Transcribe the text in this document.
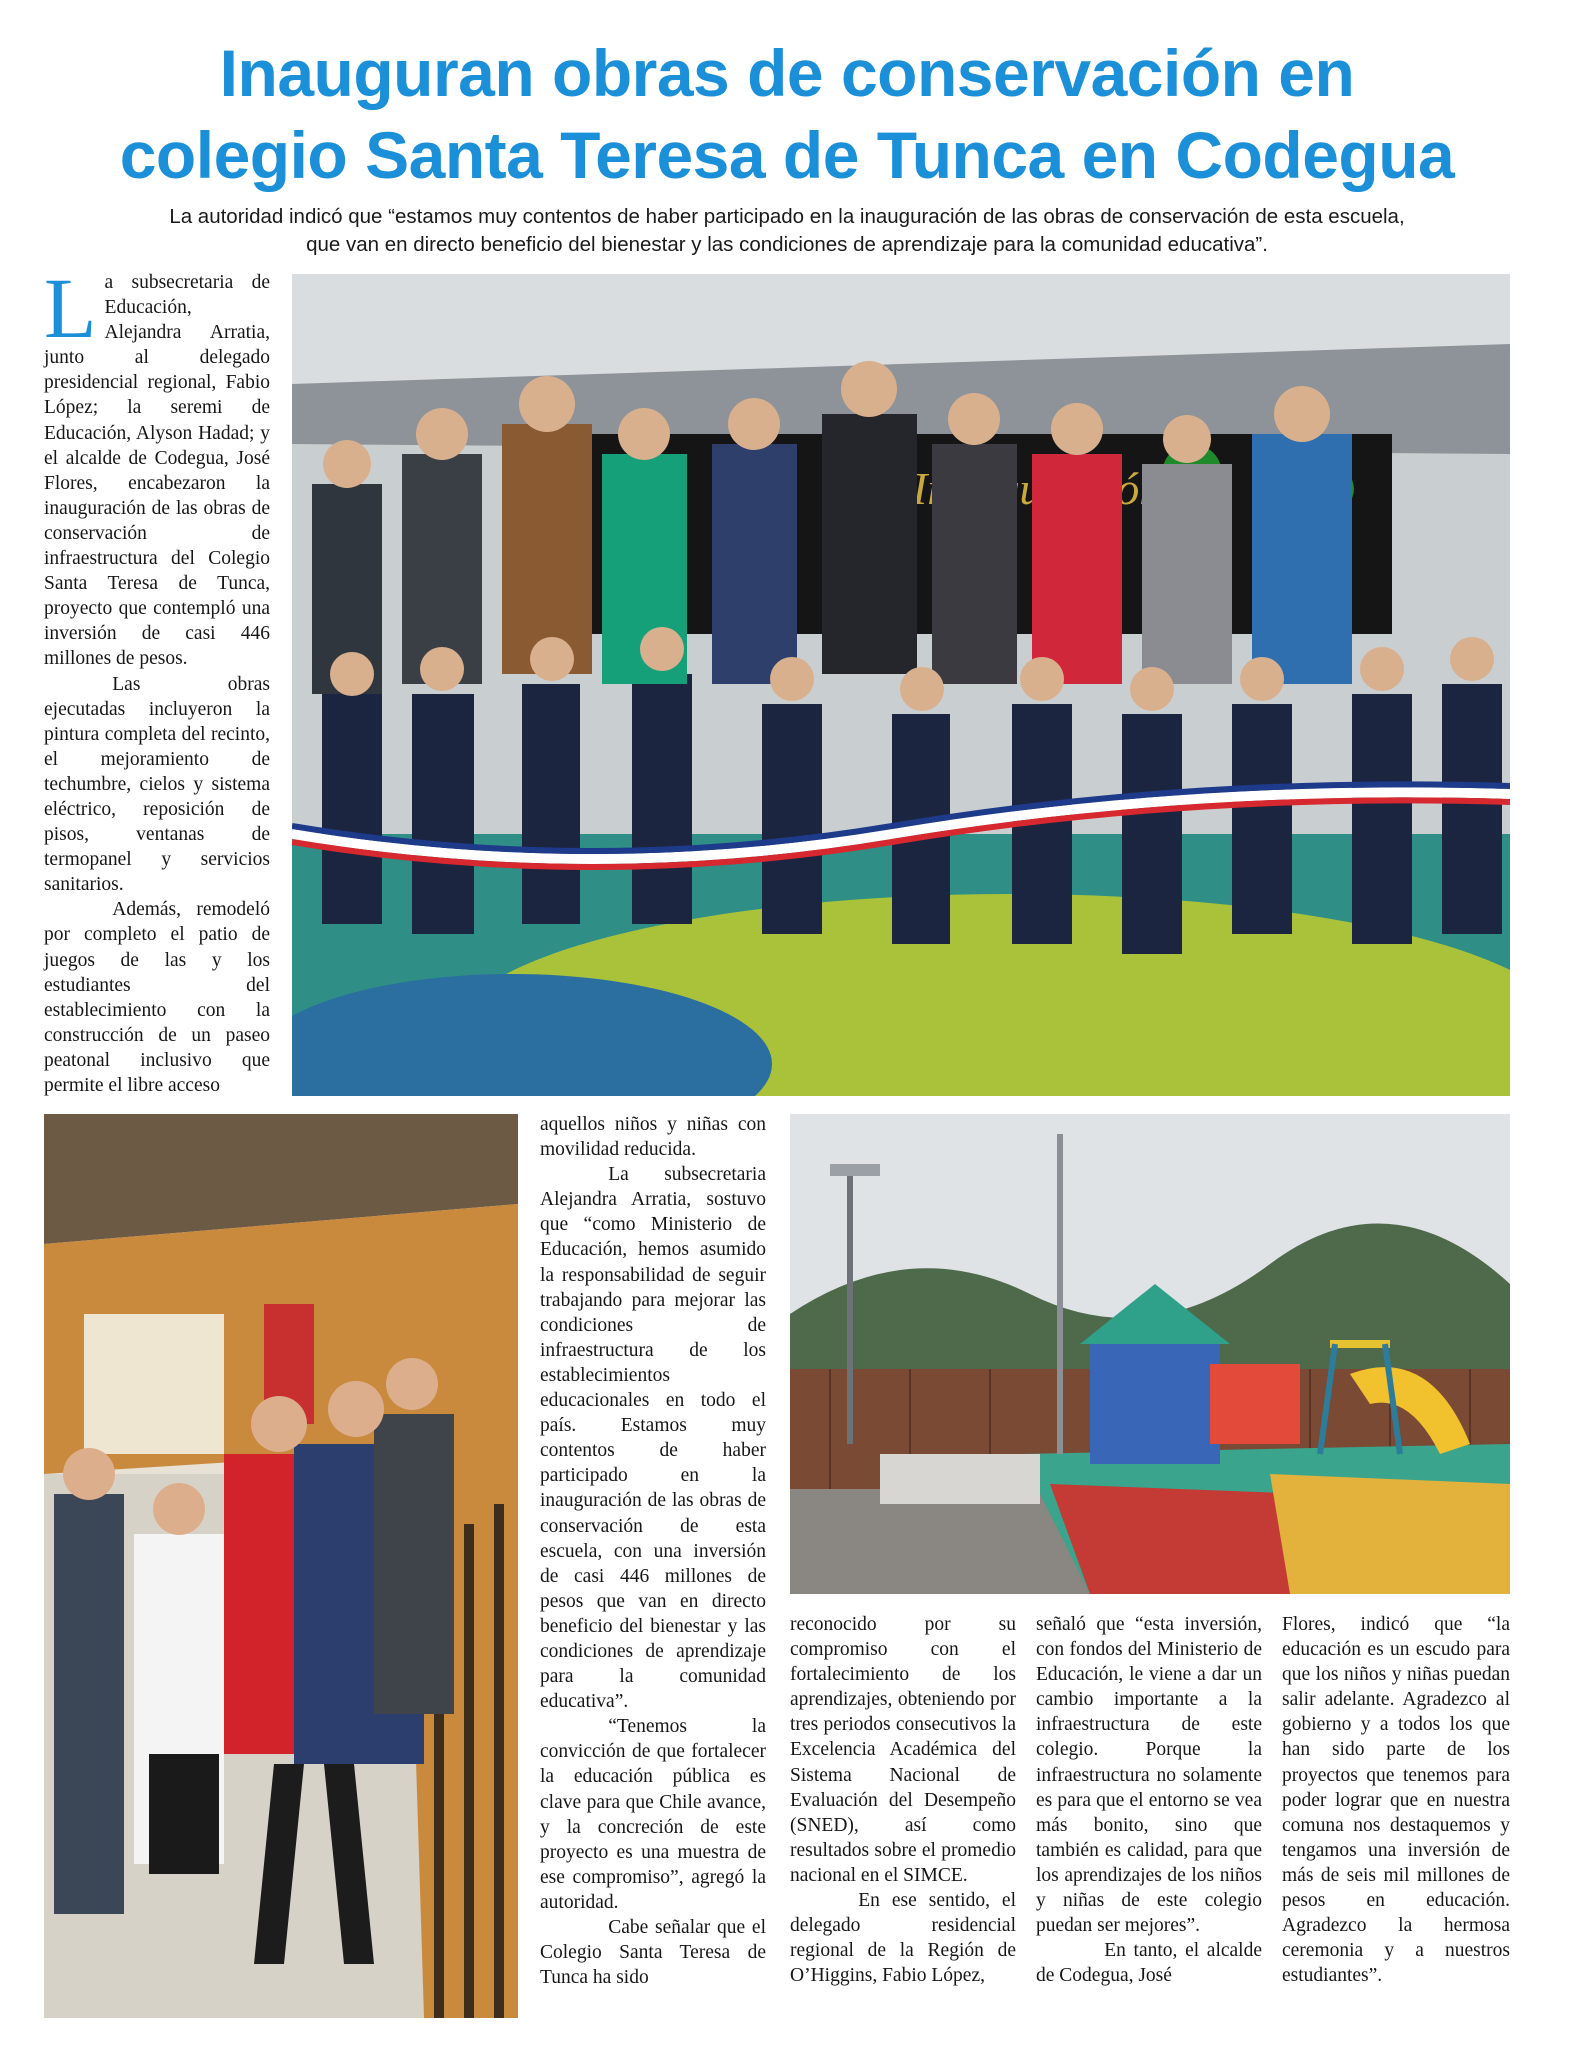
Inauguran obras de conservación en
colegio Santa Teresa de Tunca en Codegua
La autoridad indicó que “estamos muy contentos de haber participado en la inauguración de las obras de conservación de esta escuela,
que van en directo beneficio del bienestar y las condiciones de aprendizaje para la comunidad educativa”.

La subsecretaria de Educación, Alejandra Arratia, junto al delegado presidencial regional, Fabio López; la seremi de Educación, Alyson Hadad; y el alcalde de Codegua, José Flores, encabezaron la inauguración de las obras de conservación de infraestructura del Colegio Santa Teresa de Tunca, proyecto que contempló una inversión de casi 446 millones de pesos.

Las obras ejecutadas incluyeron la pintura completa del recinto, el mejoramiento de techumbre, cielos y sistema eléctrico, reposición de pisos, ventanas de termopanel y servicios sanitarios.

Además, remodeló por completo el patio de juegos de las y los estudiantes del establecimiento con la construcción de un paseo peatonal inclusivo que permite el libre acceso

aquellos niños y niñas con movilidad reducida.

La subsecretaria Alejandra Arratia, sostuvo que “como Ministerio de Educación, hemos asumido la responsabilidad de seguir trabajando para mejorar las condiciones de infraestructura de los establecimientos educacionales en todo el país. Estamos muy contentos de haber participado en la inauguración de las obras de conservación de esta escuela, con una inversión de casi 446 millones de pesos que van en directo beneficio del bienestar y las condiciones de aprendizaje para la comunidad educativa”.

“Tenemos la convicción de que fortalecer la educación pública es clave para que Chile avance, y la concreción de este proyecto es una muestra de ese compromiso”, agregó la autoridad.

Cabe señalar que el Colegio Santa Teresa de Tunca ha sido

reconocido por su compromiso con el fortalecimiento de los aprendizajes, obteniendo por tres periodos consecutivos la Excelencia Académica del Sistema Nacional de Evaluación del Desempeño (SNED), así como resultados sobre el promedio nacional en el SIMCE.

En ese sentido, el delegado residencial regional de la Región de O’Higgins, Fabio López,

señaló que “esta inversión, con fondos del Ministerio de Educación, le viene a dar un cambio importante a la infraestructura de este colegio. Porque la infraestructura no solamente es para que el entorno se vea más bonito, sino que también es calidad, para que los aprendizajes de los niños y niñas de este colegio puedan ser mejores”.

En tanto, el alcalde de Codegua, José

Flores, indicó que “la educación es un escudo para que los niños y niñas puedan salir adelante. Agradezco al gobierno y a todos los que han sido parte de los proyectos que tenemos para poder lograr que en nuestra comuna nos destaquemos y tengamos una inversión de más de seis mil millones de pesos en educación. Agradezco la hermosa ceremonia y a nuestros estudiantes”.
